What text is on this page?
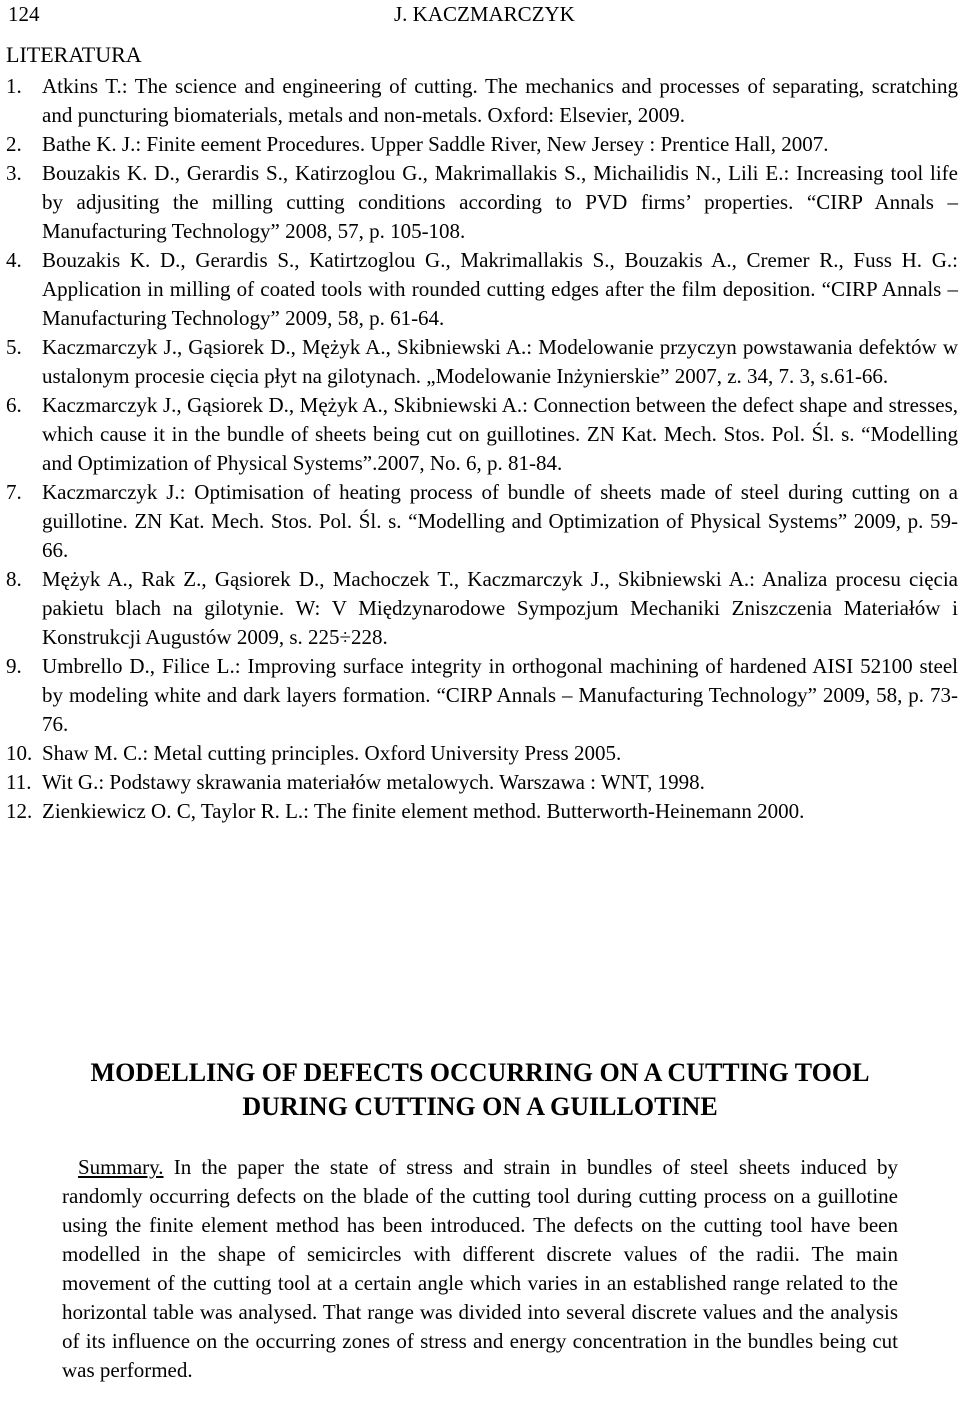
124	J. KACZMARCZYK
LITERATURA
1. Atkins T.: The science and engineering of cutting. The mechanics and processes of separating, scratching and puncturing biomaterials, metals and non-metals. Oxford: Elsevier, 2009.
2. Bathe K. J.: Finite eement Procedures. Upper Saddle River, New Jersey : Prentice Hall, 2007.
3. Bouzakis K. D., Gerardis S., Katirzoglou G., Makrimallakis S., Michailidis N., Lili E.: Increasing tool life by adjusiting the milling cutting conditions according to PVD firms’ properties. “CIRP Annals – Manufacturing Technology” 2008, 57, p. 105-108.
4. Bouzakis K. D., Gerardis S., Katirtzoglou G., Makrimallakis S., Bouzakis A., Cremer R., Fuss H. G.: Application in milling of coated tools with rounded cutting edges after the film deposition. “CIRP Annals – Manufacturing Technology” 2009, 58, p. 61-64.
5. Kaczmarczyk J., Gąsiorek D., Mężyk A., Skibniewski A.: Modelowanie przyczyn powstawania defektów w ustalonym procesie cięcia płyt na gilotynach. „Modelowanie Inżynierskie” 2007, z. 34, 7. 3, s.61-66.
6. Kaczmarczyk J., Gąsiorek D., Mężyk A., Skibniewski A.: Connection between the defect shape and stresses, which cause it in the bundle of sheets being cut on guillotines. ZN Kat. Mech. Stos. Pol. Śl. s. “Modelling and Optimization of Physical Systems”.2007, No. 6, p. 81-84.
7. Kaczmarczyk J.: Optimisation of heating process of bundle of sheets made of steel during cutting on a guillotine. ZN Kat. Mech. Stos. Pol. Śl. s. “Modelling and Optimization of Physical Systems” 2009, p. 59-66.
8. Mężyk A., Rak Z., Gąsiorek D., Machoczek T., Kaczmarczyk J., Skibniewski A.: Analiza procesu cięcia pakietu blach na gilotynie. W: V Międzynarodowe Sympozjum Mechaniki Zniszczenia Materiałów i Konstrukcji Augustów 2009, s. 225÷228.
9. Umbrello D., Filice L.: Improving surface integrity in orthogonal machining of hardened AISI 52100 steel by modeling white and dark layers formation. “CIRP Annals – Manufacturing Technology” 2009, 58, p. 73-76.
10. Shaw M. C.: Metal cutting principles. Oxford University Press 2005.
11. Wit G.: Podstawy skrawania materiałów metalowych. Warszawa : WNT, 1998.
12. Zienkiewicz O. C, Taylor R. L.: The finite element method. Butterworth-Heinemann 2000.
MODELLING OF DEFECTS OCCURRING ON A CUTTING TOOL
DURING CUTTING ON A GUILLOTINE
Summary. In the paper the state of stress and strain in bundles of steel sheets induced by randomly occurring defects on the blade of the cutting tool during cutting process on a guillotine using the finite element method has been introduced. The defects on the cutting tool have been modelled in the shape of semicircles with different discrete values of the radii. The main movement of the cutting tool at a certain angle which varies in an established range related to the horizontal table was analysed. That range was divided into several discrete values and the analysis of its influence on the occurring zones of stress and energy concentration in the bundles being cut was performed.
